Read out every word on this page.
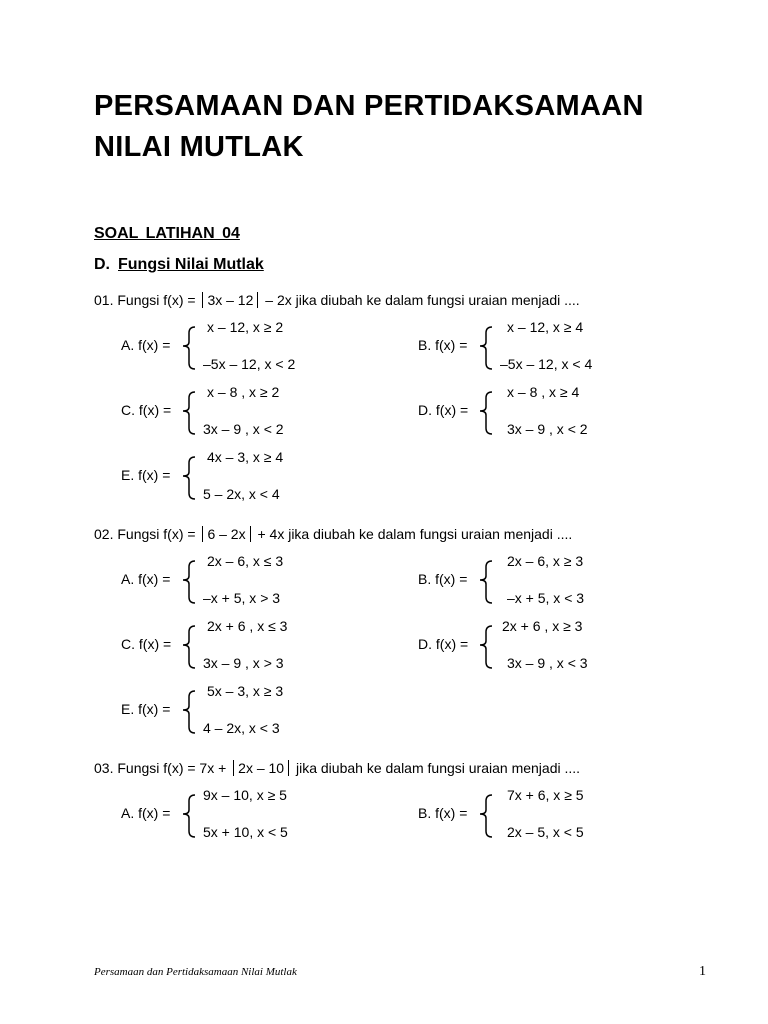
PERSAMAAN DAN PERTIDAKSAMAAN
NILAI MUTLAK
SOAL LATIHAN 04
D. Fungsi Nilai Mutlak

01. Fungsi f(x) = 3x – 12 – 2x jika diubah ke dalam fungsi uraian menjadi ....

A. f(x) =
x – 12, x ≥ 2
–5x – 12, x < 2
B. f(x) =
x – 12, x ≥ 4
–5x – 12, x < 4
C. f(x) =
x – 8 , x ≥ 2
3x – 9 , x < 2
D. f(x) =
x – 8 , x ≥ 4
3x – 9 , x < 2
E. f(x) =
4x – 3, x ≥ 4
5 – 2x, x < 4

02. Fungsi f(x) = 6 – 2x + 4x jika diubah ke dalam fungsi uraian menjadi ....

A. f(x) =
2x – 6, x ≤ 3
–x + 5, x > 3
B. f(x) =
2x – 6, x ≥ 3
–x + 5, x < 3
C. f(x) =
2x + 6 , x ≤ 3
3x – 9 , x > 3
D. f(x) =
2x + 6 , x ≥ 3
3x – 9 , x < 3
E. f(x) =
5x – 3, x ≥ 3
4 – 2x, x < 3

03. Fungsi f(x) = 7x + 2x – 10 jika diubah ke dalam fungsi uraian menjadi ....

A. f(x) =
9x – 10, x ≥ 5
5x + 10, x < 5
B. f(x) =
7x + 6, x ≥ 5
2x – 5, x < 5

Persamaan dan Pertidaksamaan Nilai Mutlak	1
